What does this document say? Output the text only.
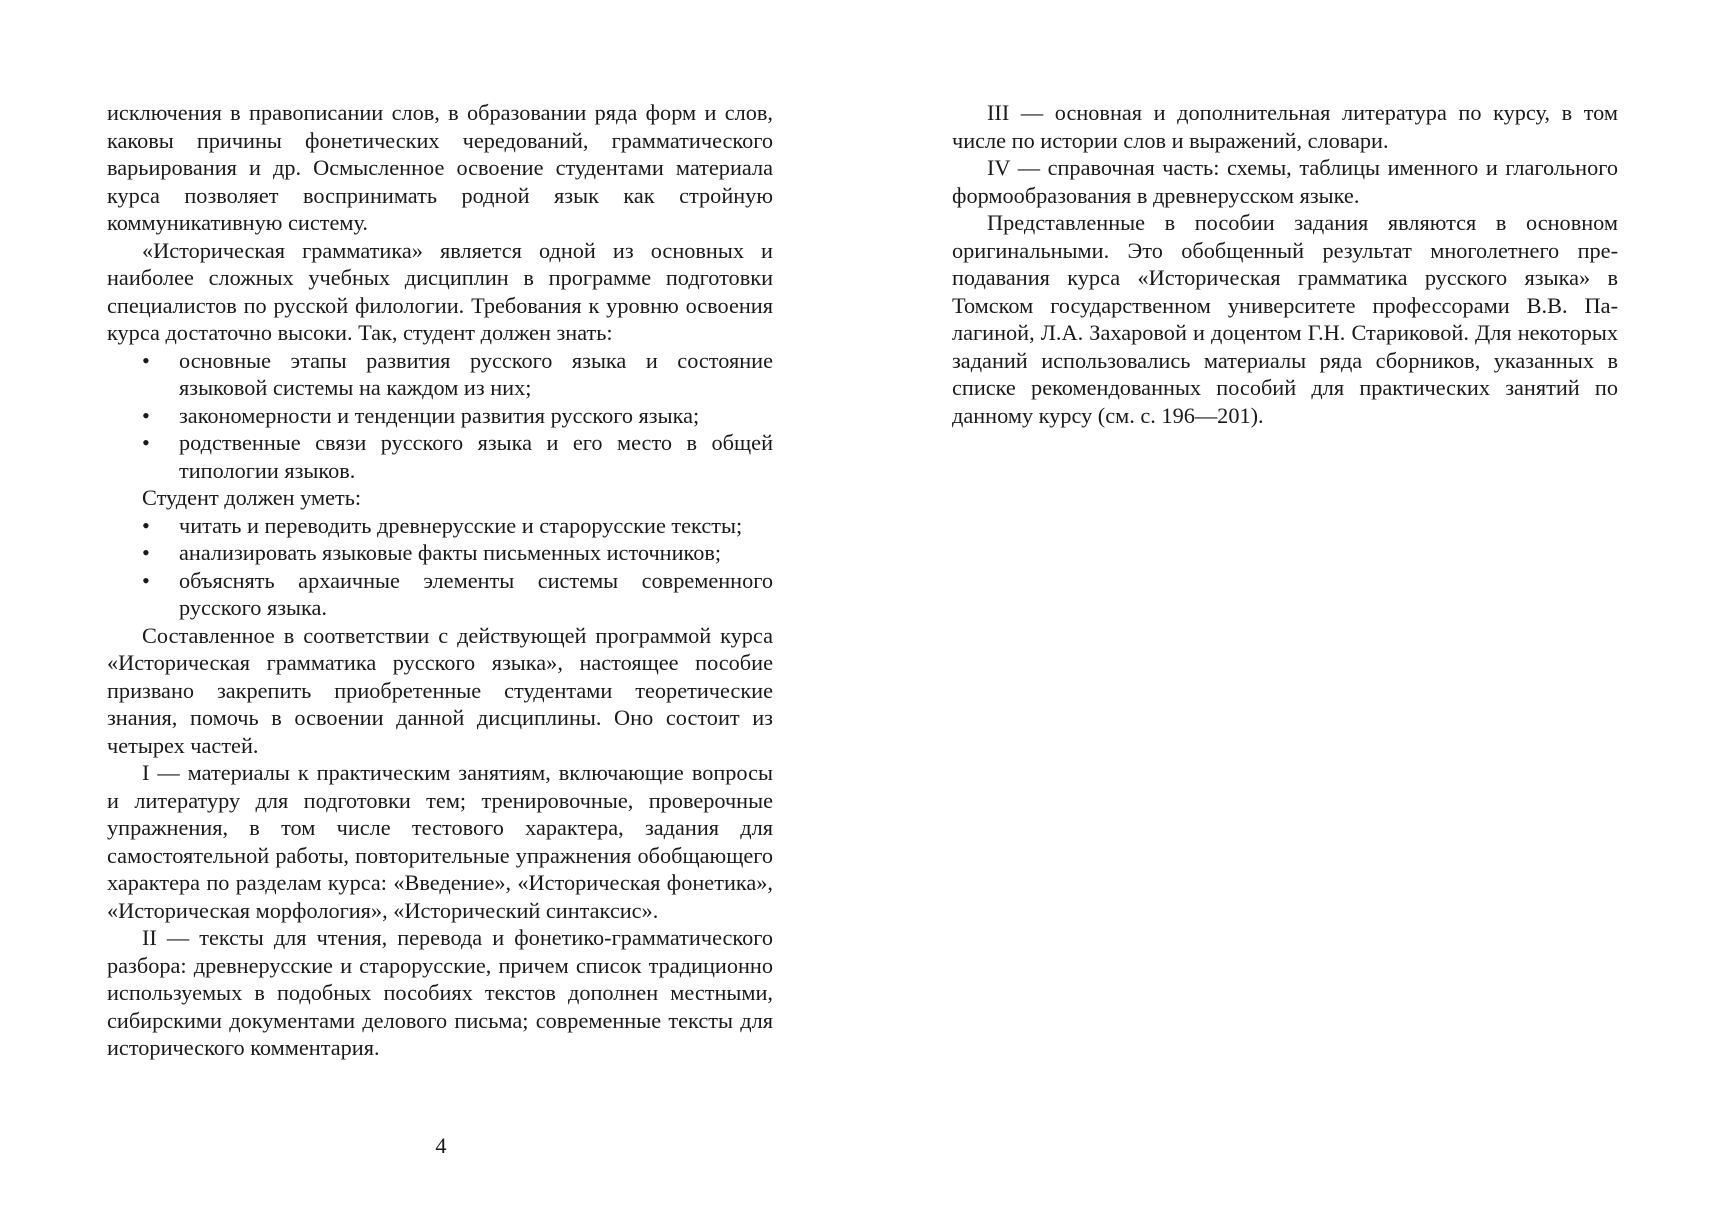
исключения в правописании слов, в образовании ряда форм и слов, каковы причины фонетических чередований, грамматического варьирования и др. Осмысленное освоение студентами материала курса позволяет воспринимать родной язык как стройную коммуникативную систему.

«Историческая грамматика» является одной из основных и наиболее сложных учебных дисциплин в программе подготовки специалистов по русской филологии. Требования к уровню освоения курса достаточно высоки. Так, студент должен знать:

• основные этапы развития русского языка и состояние языковой системы на каждом из них;
• закономерности и тенденции развития русского языка;
• родственные связи русского языка и его место в общей типологии языков.

Студент должен уметь:

• читать и переводить древнерусские и старорусские тексты;
• анализировать языковые факты письменных источников;
• объяснять архаичные элементы системы современного русского языка.

Составленное в соответствии с действующей программой курса «Историческая грамматика русского языка», настоящее пособие призвано закрепить приобретенные студентами теоретические знания, помочь в освоении данной дисциплины. Оно состоит из четырех частей.

I — материалы к практическим занятиям, включающие вопросы и литературу для подготовки тем; тренировочные, проверочные упражнения, в том числе тестового характера, задания для самостоятельной работы, повторительные упражнения обобщающего характера по разделам курса: «Введение», «Историческая фонетика», «Историческая морфология», «Исторический синтаксис».

II — тексты для чтения, перевода и фонетико-грамматического разбора: древнерусские и старорусские, причем список традиционно используемых в подобных пособиях текстов дополнен местными, сибирскими документами делового письма; современные тексты для исторического комментария.

4

III — основная и дополнительная литература по курсу, в том числе по истории слов и выражений, словари.

IV — справочная часть: схемы, таблицы именного и глагольного формообразования в древнерусском языке.

Представленные в пособии задания являются в основном оригинальными. Это обобщенный результат многолетнего преподавания курса «Историческая грамматика русского языка» в Томском государственном университете профессорами В.В. Палагиной, Л.А. Захаровой и доцентом Г.Н. Стариковой. Для некоторых заданий использовались материалы ряда сборников, указанных в списке рекомендованных пособий для практических занятий по данному курсу (см. с. 196—201).
